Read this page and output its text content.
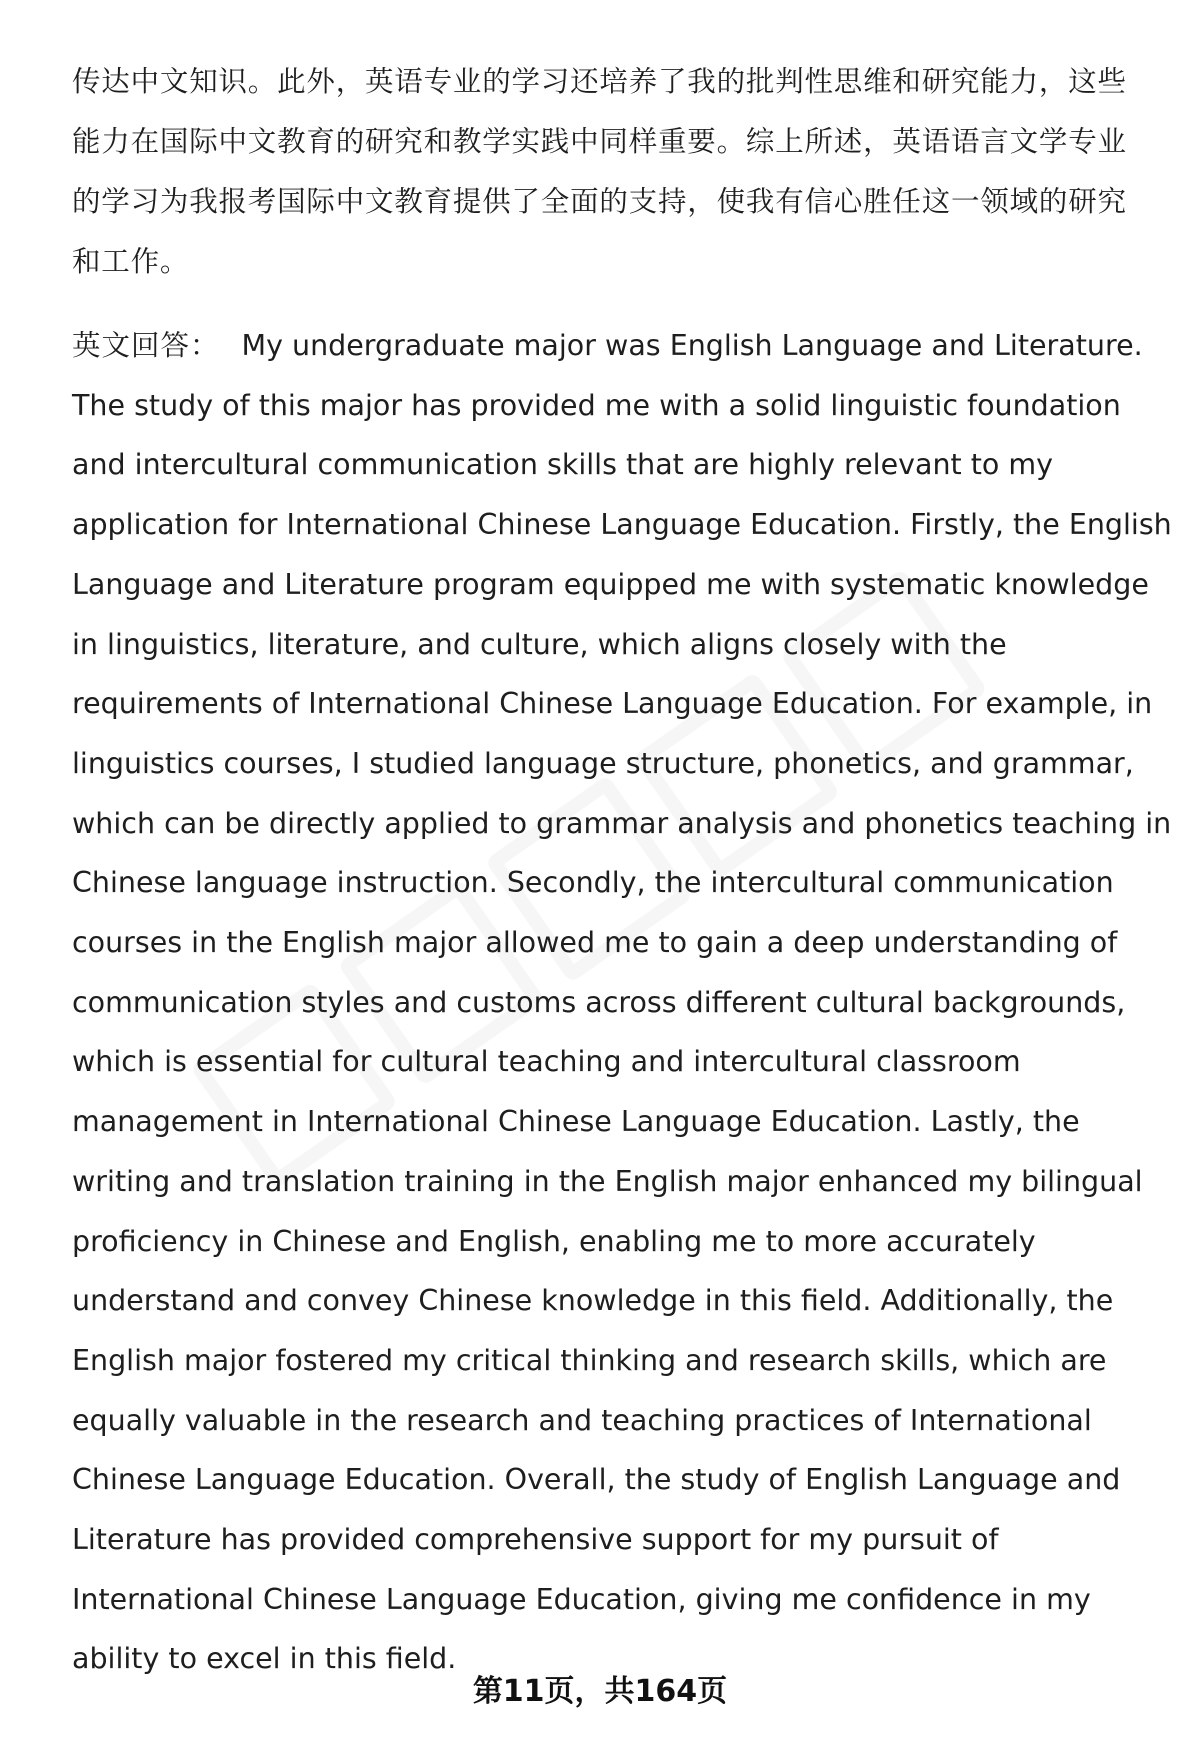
传达中文知识。此外，英语专业的学习还培养了我的批判性思维和研究能力，这些能力在国际中文教育的研究和教学实践中同样重要。综上所述，英语语言文学专业的学习为我报考国际中文教育提供了全面的支持，使我有信心胜任这一领域的研究和工作。

英文回答： My undergraduate major was English Language and Literature. The study of this major has provided me with a solid linguistic foundation and intercultural communication skills that are highly relevant to my application for International Chinese Language Education. Firstly, the English Language and Literature program equipped me with systematic knowledge in linguistics, literature, and culture, which aligns closely with the requirements of International Chinese Language Education. For example, in linguistics courses, I studied language structure, phonetics, and grammar, which can be directly applied to grammar analysis and phonetics teaching in Chinese language instruction. Secondly, the intercultural communication courses in the English major allowed me to gain a deep understanding of communication styles and customs across different cultural backgrounds, which is essential for cultural teaching and intercultural classroom management in International Chinese Language Education. Lastly, the writing and translation training in the English major enhanced my bilingual proficiency in Chinese and English, enabling me to more accurately understand and convey Chinese knowledge in this field. Additionally, the English major fostered my critical thinking and research skills, which are equally valuable in the research and teaching practices of International Chinese Language Education. Overall, the study of English Language and Literature has provided comprehensive support for my pursuit of International Chinese Language Education, giving me confidence in my ability to excel in this field.

第11页，共164页
